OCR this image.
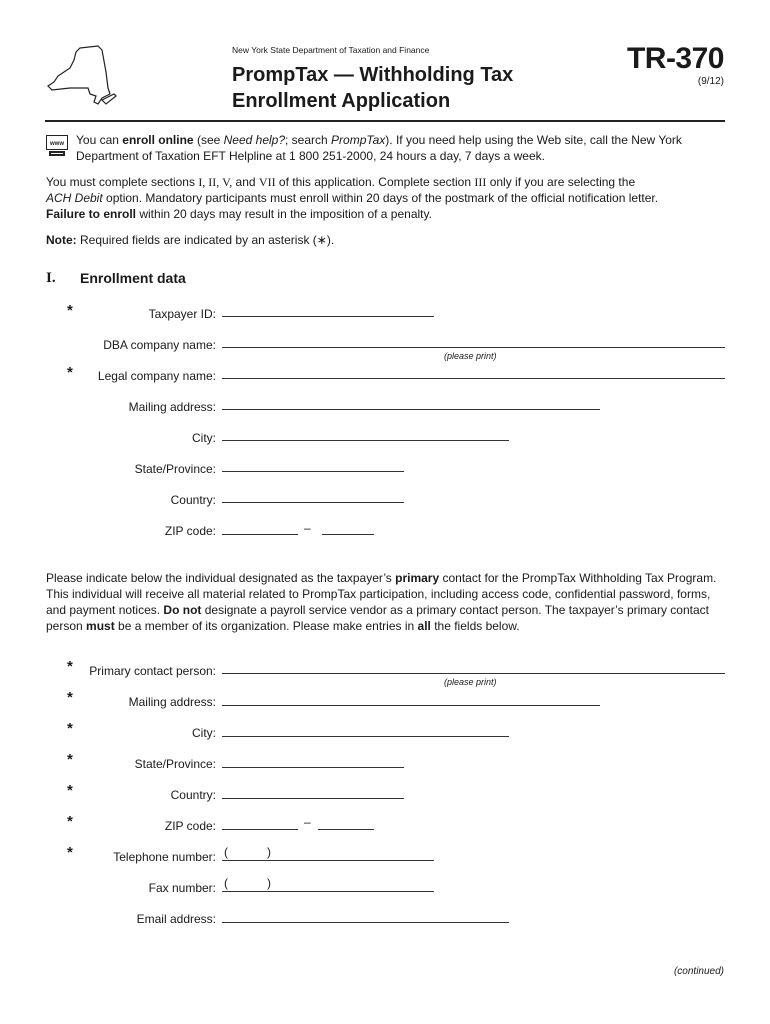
New York State Department of Taxation and Finance
PrompTax — Withholding Tax
Enrollment Application
TR-370
(9/12)
www You can enroll online (see Need help?; search PrompTax). If you need help using the Web site, call the New York
Department of Taxation EFT Helpline at 1 800 251-2000, 24 hours a day, 7 days a week.
You must complete sections I, II, V, and VII of this application. Complete section III only if you are selecting the
ACH Debit option. Mandatory participants must enroll within 20 days of the postmark of the official notification letter.
Failure to enroll within 20 days may result in the imposition of a penalty.
Note: Required fields are indicated by an asterisk (∗).
I. Enrollment data
*	Taxpayer ID:
DBA company name:
(please print)
*	Legal company name:
Mailing address:
City:
State/Province:
Country:
ZIP code:	–
Please indicate below the individual designated as the taxpayer’s primary contact for the PrompTax Withholding Tax Program. This individual will receive all material related to PrompTax participation, including access code, confidential password, forms, and payment notices. Do not designate a payroll service vendor as a primary contact person. The taxpayer’s primary contact person must be a member of its organization. Please make entries in all the fields below.
*	Primary contact person:
(please print)
*	Mailing address:
*	City:
*	State/Province:
*	Country:
*	ZIP code:	–
*	Telephone number: (	)
Fax number: (	)
Email address:
(continued)
